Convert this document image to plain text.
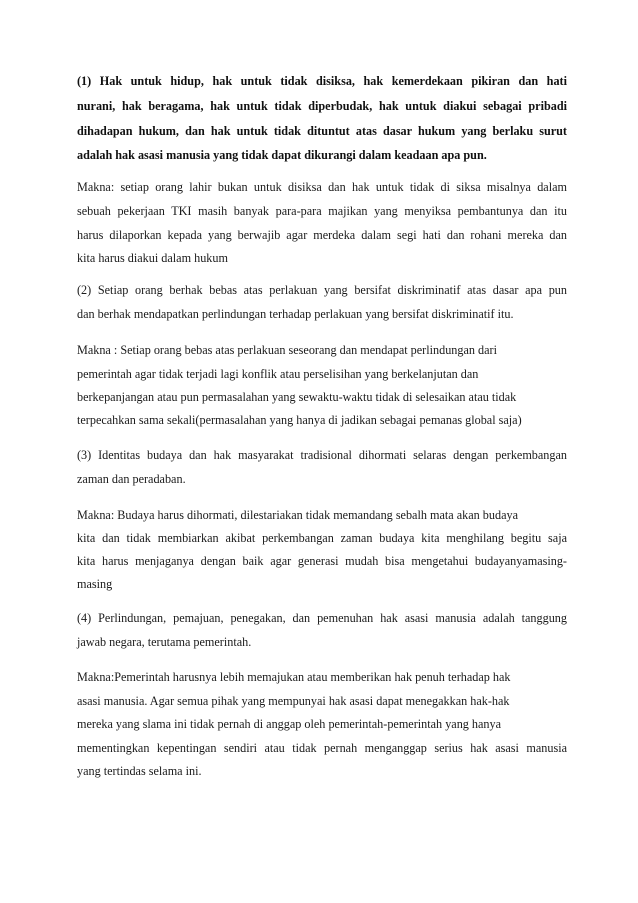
(1) Hak untuk hidup, hak untuk tidak disiksa, hak kemerdekaan pikiran dan hati
nurani, hak beragama, hak untuk tidak diperbudak, hak untuk diakui sebagai pribadi
dihadapan hukum, dan hak untuk tidak dituntut atas dasar hukum yang berlaku surut
adalah hak asasi manusia yang tidak dapat dikurangi dalam keadaan apa pun.
Makna: setiap orang lahir bukan untuk disiksa dan hak untuk tidak di siksa misalnya dalam
sebuah pekerjaan TKI masih banyak para-para majikan yang menyiksa pembantunya dan itu
harus dilaporkan kepada yang berwajib agar merdeka dalam segi hati dan rohani mereka dan
kita harus diakui dalam hukum
(2) Setiap orang berhak bebas atas perlakuan yang bersifat diskriminatif atas dasar apa pun
dan berhak mendapatkan perlindungan terhadap perlakuan yang bersifat diskriminatif itu.
Makna : Setiap orang bebas atas perlakuan seseorang dan mendapat perlindungan dari
pemerintah agar tidak terjadi lagi konflik atau perselisihan yang berkelanjutan dan
berkepanjangan atau pun permasalahan yang sewaktu-waktu tidak di selesaikan atau tidak
terpecahkan sama sekali(permasalahan yang hanya di jadikan sebagai pemanas global saja)
(3) Identitas budaya dan hak masyarakat tradisional dihormati selaras dengan perkembangan
zaman dan peradaban.
Makna: Budaya harus dihormati, dilestariakan tidak memandang sebalh mata akan budaya
kita dan tidak membiarkan akibat perkembangan zaman budaya kita menghilang begitu saja
kita harus menjaganya dengan baik agar generasi mudah bisa mengetahui budayanyamasing-
masing
(4) Perlindungan, pemajuan, penegakan, dan pemenuhan hak asasi manusia adalah tanggung
jawab negara, terutama pemerintah.
Makna:Pemerintah harusnya lebih memajukan atau memberikan hak penuh terhadap hak
asasi manusia. Agar semua pihak yang mempunyai hak asasi dapat menegakkan hak-hak
mereka yang slama ini tidak pernah di anggap oleh pemerintah-pemerintah yang hanya
mementingkan kepentingan sendiri atau tidak pernah menganggap serius hak asasi manusia
yang tertindas selama ini.
